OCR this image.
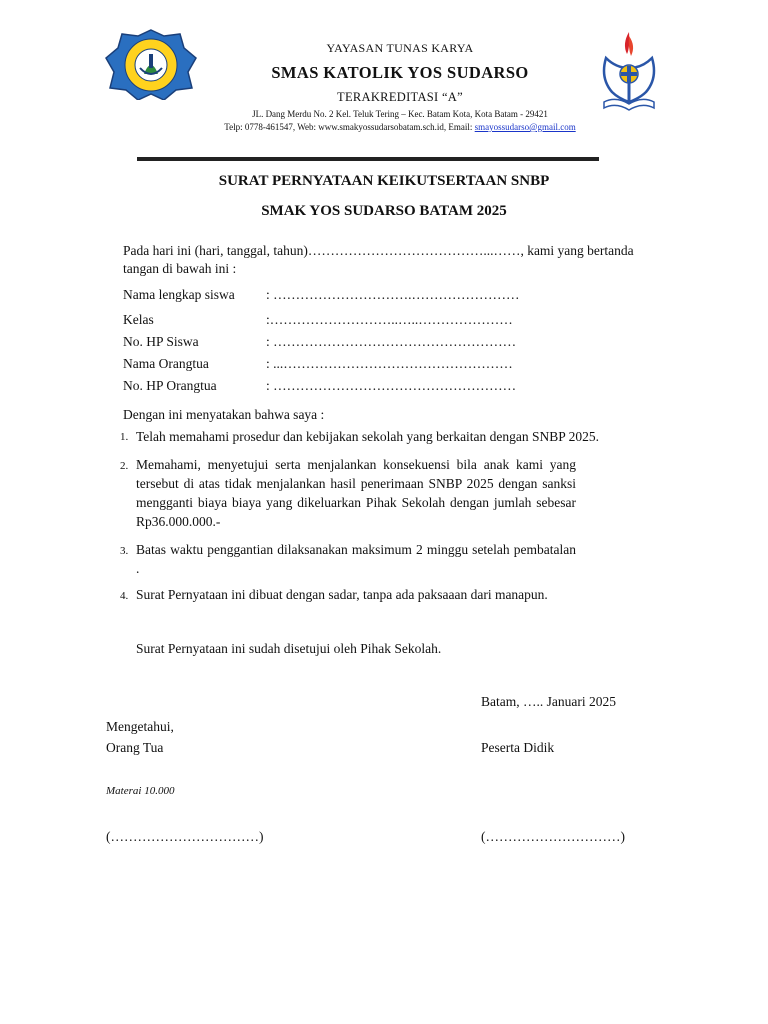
YAYASAN TUNAS KARYA
SMAS KATOLIK YOS SUDARSO
TERAKREDITASI “A”
JL. Dang Merdu No. 2 Kel. Teluk Tering – Kec. Batam Kota, Kota Batam - 29421
Telp: 0778-461547, Web: www.smakyossudarsobatam.sch.id, Email: smayossudarso@gmail.com
SURAT PERNYATAAN KEIKUTSERTAAN SNBP
SMAK YOS SUDARSO BATAM 2025
Pada hari ini (hari, tanggal, tahun)…………………………………...……, kami yang bertanda tangan di bawah ini :
Nama lengkap siswa : ………………………….……………………
Kelas	:………………………..…..…………………
No. HP Siswa	: ………………………………………………
Nama Orangtua	: ...……………………………………………
No. HP Orangtua	: ………………………………………………
Dengan ini menyatakan bahwa saya :
1. Telah memahami prosedur dan kebijakan sekolah yang berkaitan dengan SNBP 2025.
2. Memahami, menyetujui serta menjalankan konsekuensi bila anak kami yang tersebut di atas tidak menjalankan hasil penerimaan SNBP 2025 dengan sanksi mengganti biaya biaya yang dikeluarkan Pihak Sekolah dengan jumlah sebesar Rp36.000.000.-
3. Batas waktu penggantian dilaksanakan maksimum 2 minggu setelah pembatalan .
4. Surat Pernyataan ini dibuat dengan sadar, tanpa ada paksaaan dari manapun.
Surat Pernyataan ini sudah disetujui oleh Pihak Sekolah.
Batam, ….. Januari 2025
Mengetahui,
Orang Tua	Peserta Didik
Materai 10.000
(……………………………)	(…………………………)
